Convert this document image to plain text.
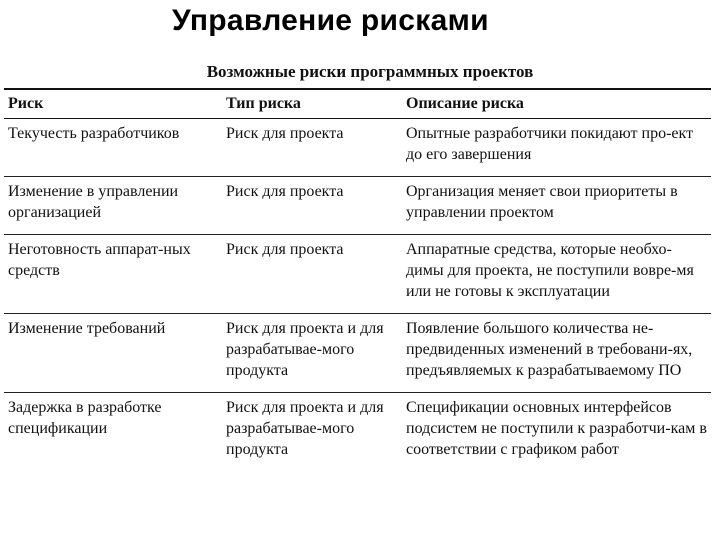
Управление рисками
Возможные риски программных проектов
Риск	Тип риска	Описание риска
Текучесть разработчиков	Риск для проекта	Опытные разработчики покидают про-ект до его завершения
Изменение в управлении организацией	Риск для проекта	Организация меняет свои приоритеты в управлении проектом
Неготовность аппарат-ных средств	Риск для проекта	Аппаратные средства, которые необхо-димы для проекта, не поступили вовре-мя или не готовы к эксплуатации
Изменение требований	Риск для проекта и для разрабатывае-мого продукта	Появление большого количества не-предвиденных изменений в требовани-ях, предъявляемых к разрабатываемому ПО
Задержка в разработке спецификации	Риск для проекта и для разрабатывае-мого продукта	Спецификации основных интерфейсов подсистем не поступили к разработчи-кам в соответствии с графиком работ
